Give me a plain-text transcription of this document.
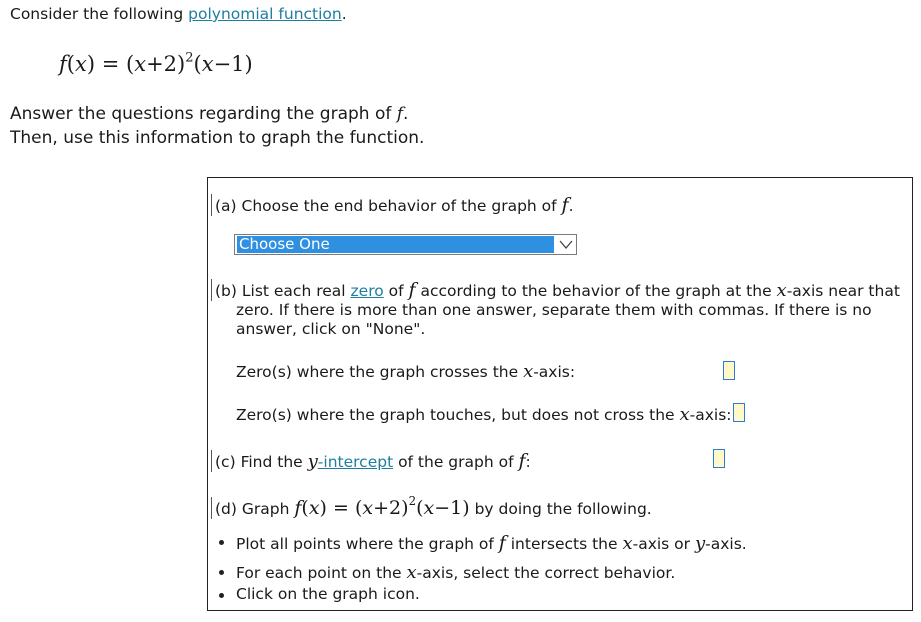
Consider the following polynomial function.
$f(x) = (x+2)^2(x-1)$
Answer the questions regarding the graph of f.
Then, use this information to graph the function.
(a) Choose the end behavior of the graph of f.
Choose One
(b) List each real zero of f according to the behavior of the graph at the x-axis near that
zero. If there is more than one answer, separate them with commas. If there is no
answer, click on "None".
Zero(s) where the graph crosses the x-axis:
Zero(s) where the graph touches, but does not cross the x-axis:
(c) Find the y-intercept of the graph of f:
(d) Graph $f(x) = (x+2)^2(x-1)$ by doing the following.
Plot all points where the graph of f intersects the x-axis or y-axis.
For each point on the x-axis, select the correct behavior.
Click on the graph icon.
